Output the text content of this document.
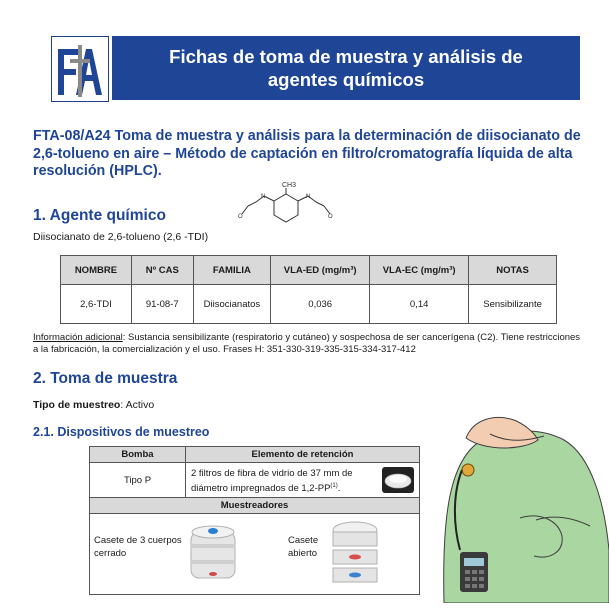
Fichas de toma de muestra y análisis de
agentes químicos
FTA-08/A24 Toma de muestra y análisis para la determinación de diisocianato de 2,6-tolueno en aire – Método de captación en filtro/cromatografía líquida de alta resolución (HPLC).
1. Agente químico
N	N
O	O
CH3
Diisocianato de 2,6-tolueno (2,6 -TDI)
NOMBRE	Nº CAS	FAMILIA	VLA-ED (mg/m³)	VLA-EC (mg/m³)	NOTAS
2,6-TDI	91-08-7	Diisocianatos	0,036	0,14	Sensibilizante
Información adicional: Sustancia sensibilizante (respiratorio y cutáneo) y sospechosa de ser cancerígena (C2). Tiene restricciones a la fabricación, la comercialización y el uso. Frases H: 351-330-319-335-315-334-317-412
2. Toma de muestra
Tipo de muestreo: Activo
2.1. Dispositivos de muestreo
Bomba	Elemento de retención
Tipo P	2 filtros de fibra de vidrio de 37 mm de diámetro impregnados de 1,2-PP$^{(1)}$.

Muestreadores	

Casete de 3 cuerpos cerrado
Casete abierto	
